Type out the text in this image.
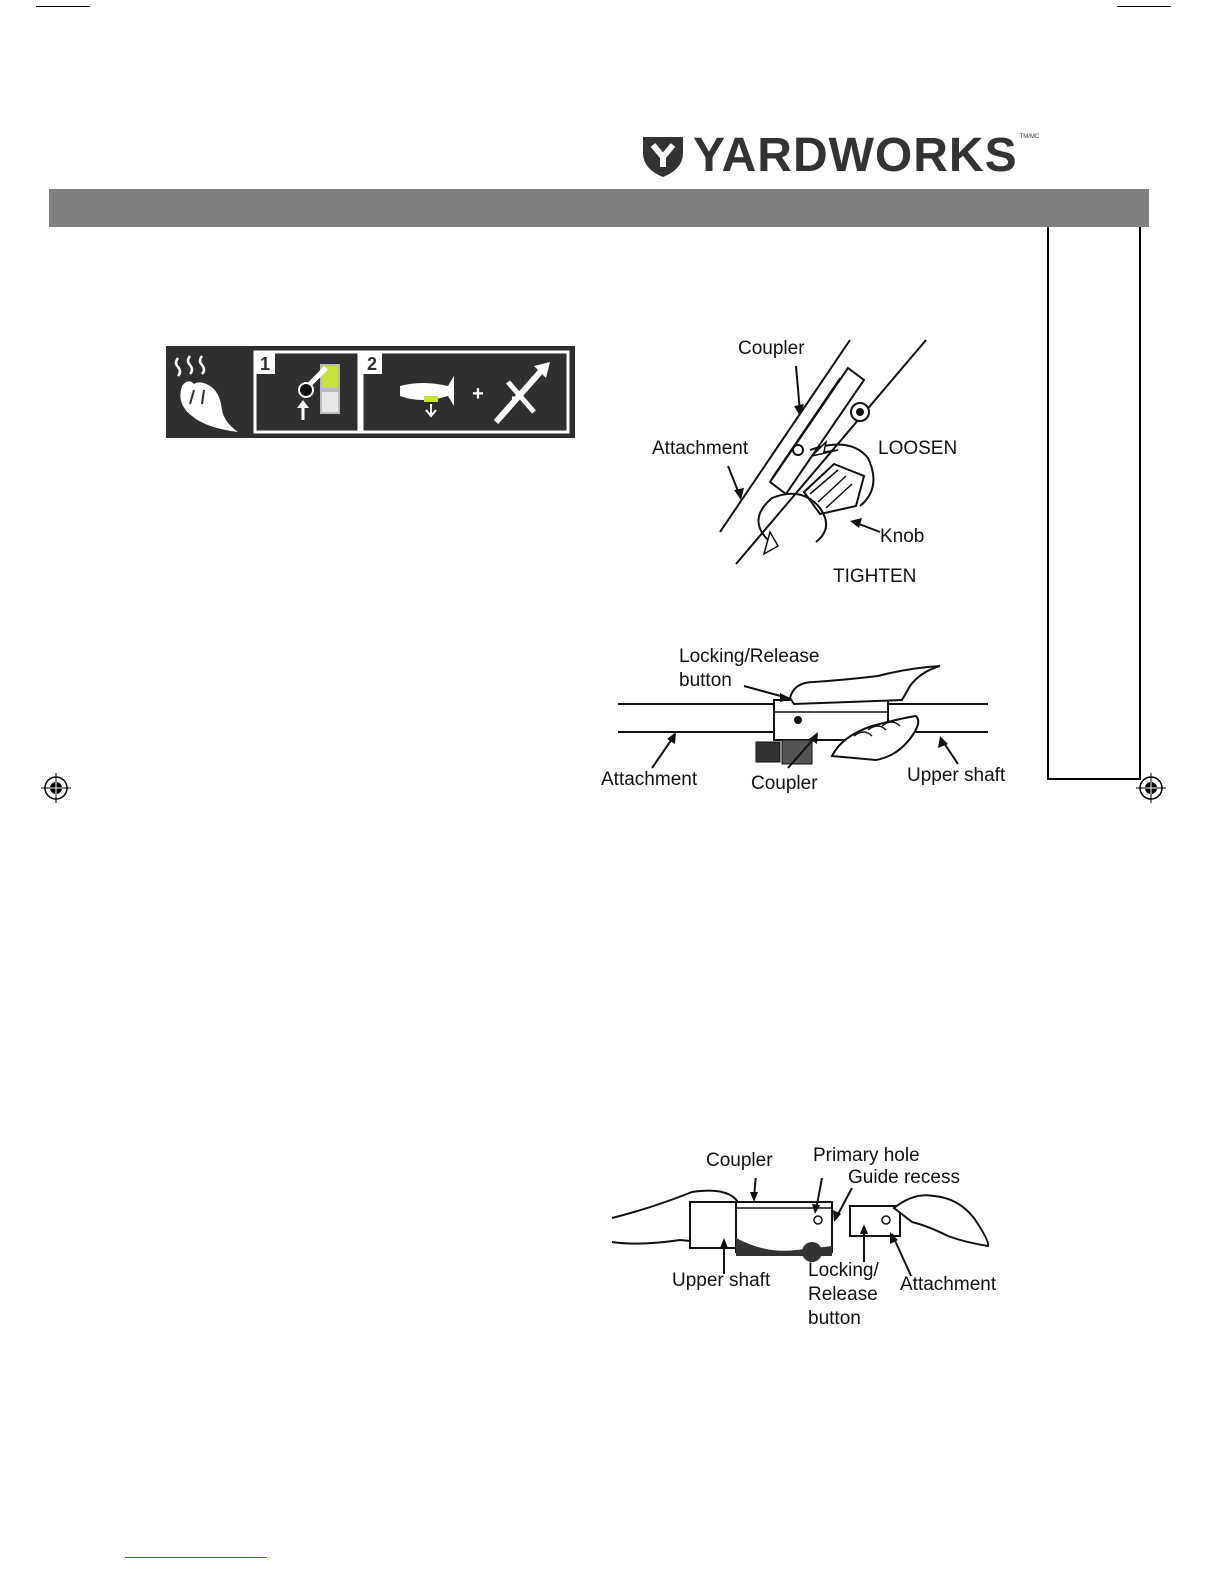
YARDWORKS TM/MC
1	2
+
Coupler
Attachment	LOOSEN
Knob
TIGHTEN
Locking/Release
button
Attachment	Coupler	Upper shaft
Coupler Primary hole
Guide recess
Upper shaft Locking/
Release
button
Attachment
